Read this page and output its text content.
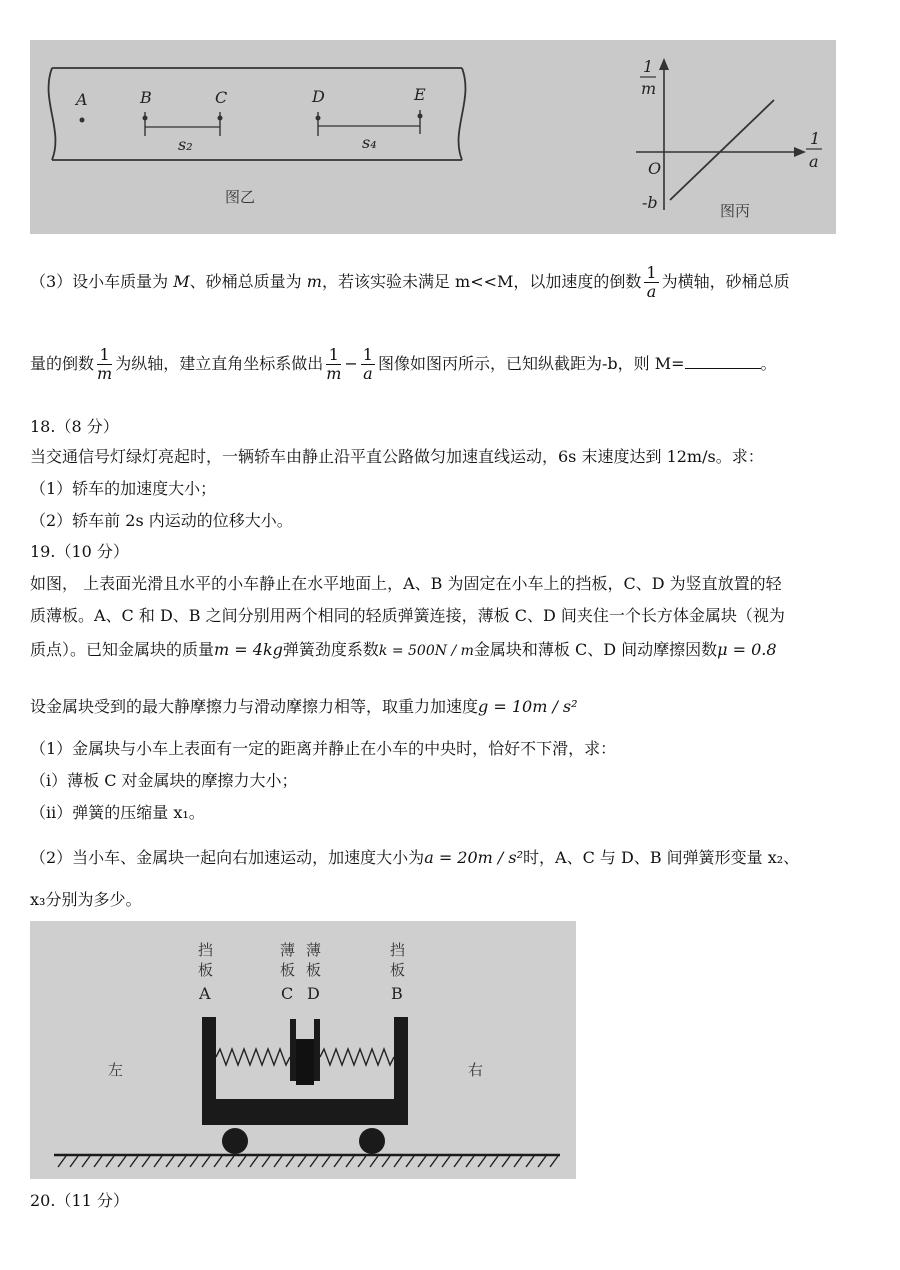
A	B	C	D	E
s₂	s₄
图乙
1
m
1
a
O
-b	图丙
（3）设小车质量为 M、砂桶总质量为 m，若该实验未满足 m<<M，以加速度的倒数 $\frac{1}{a}$ 为横轴，砂桶总质
量的倒数 $\frac{1}{m}$ 为纵轴，建立直角坐标系做出 $\frac{1}{m} - \frac{1}{a}$ 图像如图丙所示，已知纵截距为-b，则 M=	。
18.（8 分）
当交通信号灯绿灯亮起时，一辆轿车由静止沿平直公路做匀加速直线运动，6s 末速度达到 12m/s。求：
（1）轿车的加速度大小；
（2）轿车前 2s 内运动的位移大小。
19.（10 分）
如图， 上表面光滑且水平的小车静止在水平地面上，A、B 为固定在小车上的挡板，C、D 为竖直放置的轻
质薄板。A、C 和 D、B 之间分别用两个相同的轻质弹簧连接，薄板 C、D 间夹住一个长方体金属块（视为
质点）。已知金属块的质量m = 4kg弹簧劲度系数k = 500N / m金属块和薄板 C、D 间动摩擦因数μ = 0.8
设金属块受到的最大静摩擦力与滑动摩擦力相等，取重力加速度g = 10m / s²
（1）金属块与小车上表面有一定的距离并静止在小车的中央时，恰好不下滑，求：
（i）薄板 C 对金属块的摩擦力大小；
（ii）弹簧的压缩量 x₁。
（2）当小车、金属块一起向右加速运动，加速度大小为a = 20m / s²时，A、C 与 D、B 间弹簧形变量 x₂、
x₃分别为多少。
挡
板
A
薄
板
C
薄
板
D
挡
板
B
左	右
20.（11 分）
